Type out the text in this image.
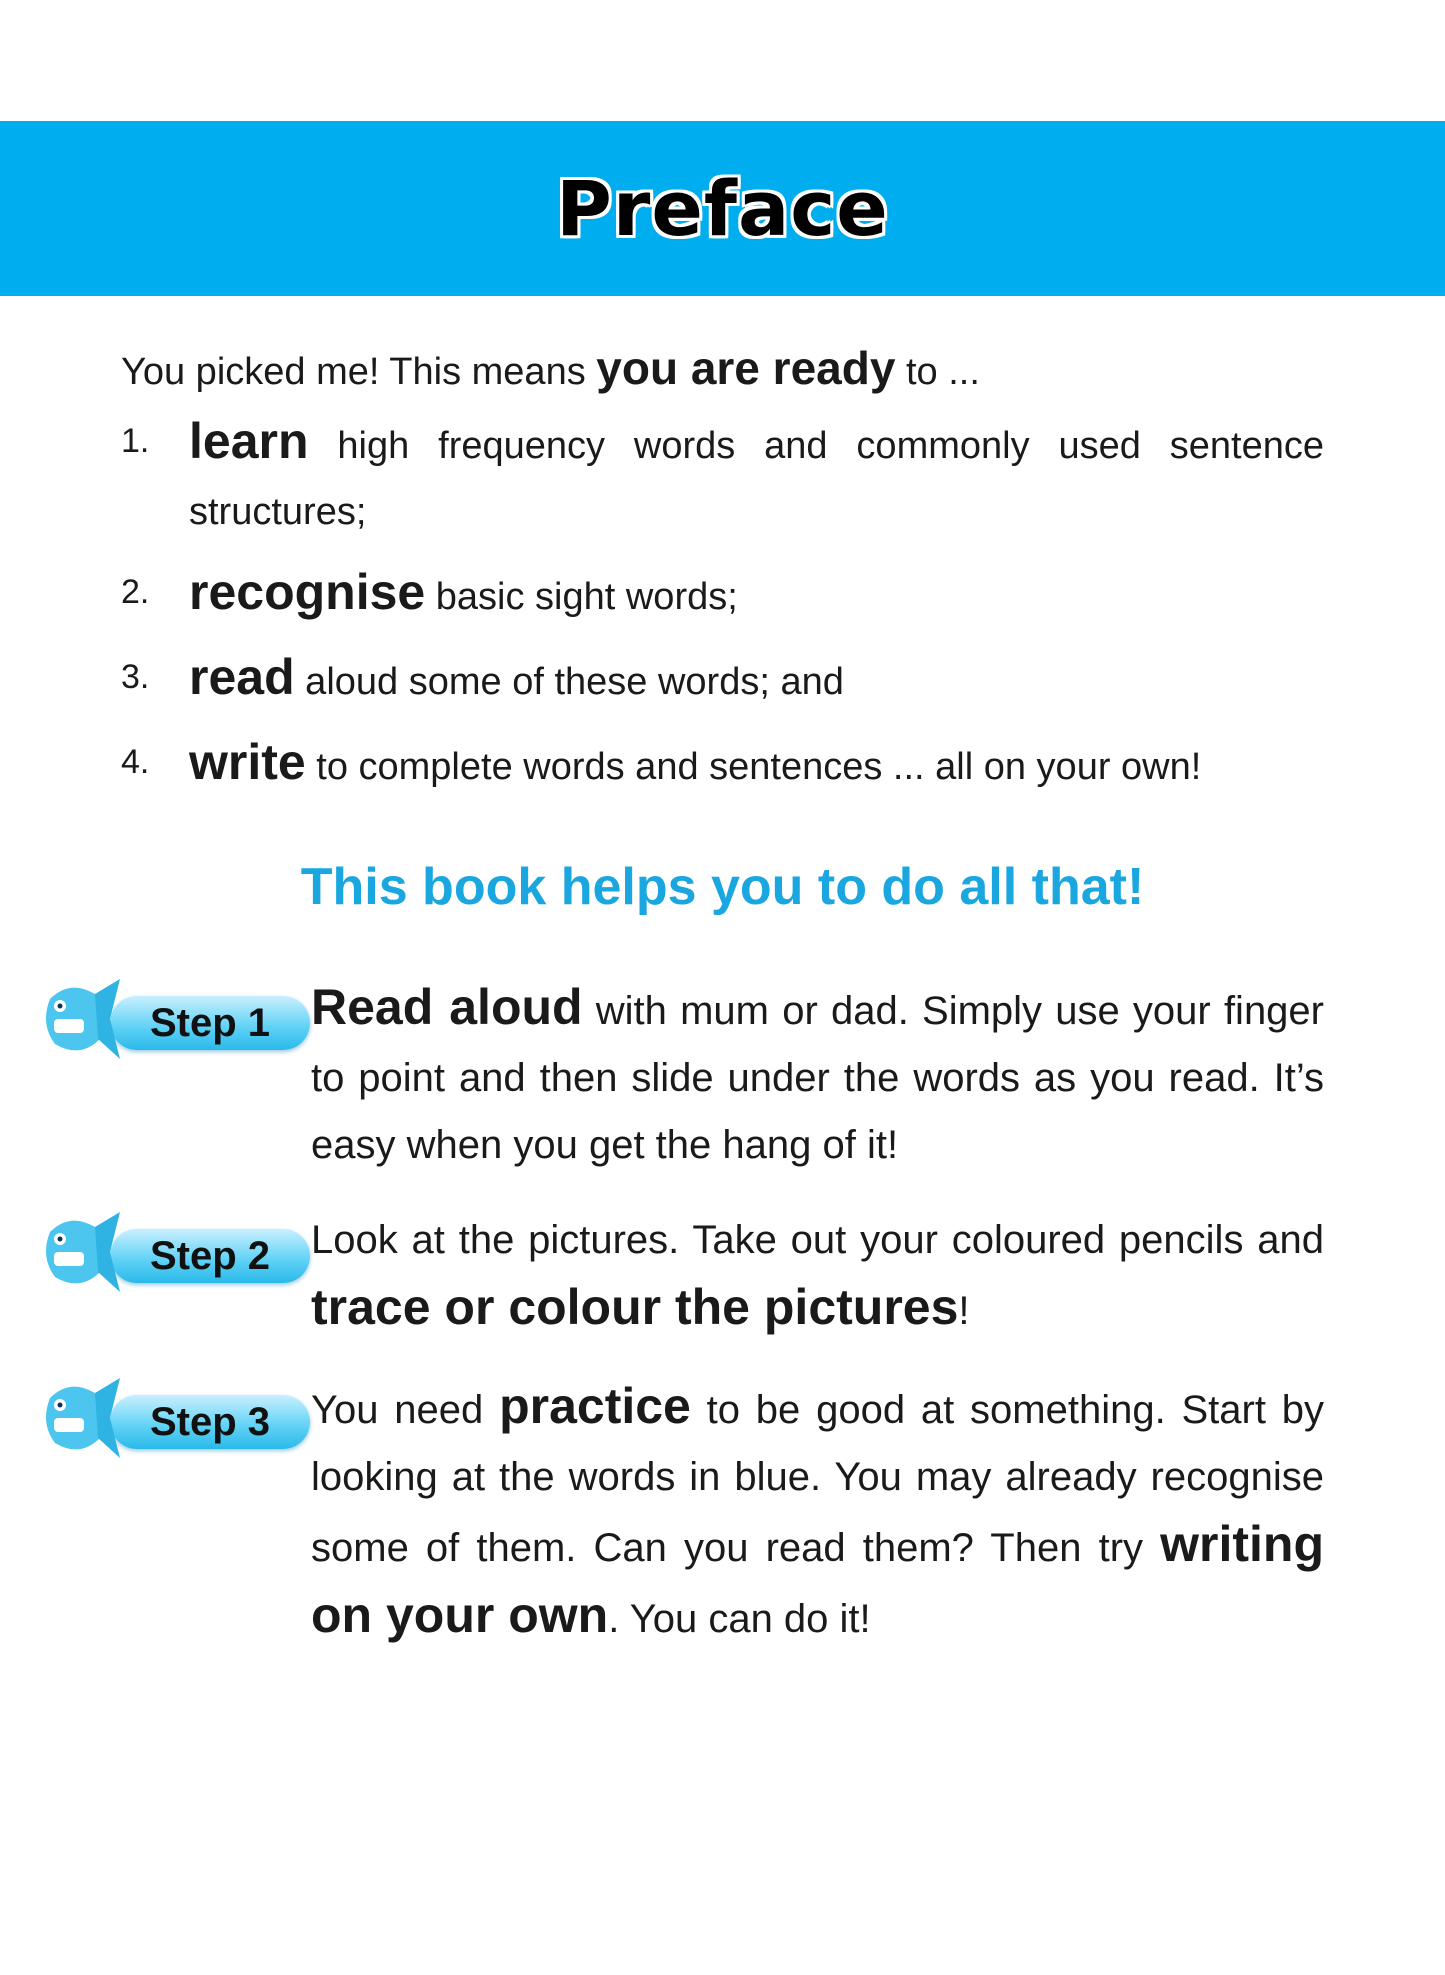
Preface
You picked me! This means you are ready to ...
1. learn high frequency words and commonly used sentence structures;
2. recognise basic sight words;
3. read aloud some of these words; and
4. write to complete words and sentences ... all on your own!
This book helps you to do all that!
Step 1 Read aloud with mum or dad. Simply use your finger to point and then slide under the words as you read. It’s easy when you get the hang of it!
Step 2	Look at the pictures. Take out your coloured pencils and trace or colour the pictures!
Step 3	You need practice to be good at something. Start by looking at the words in blue. You may already recognise some of them. Can you read them? Then try writing on your own. You can do it!
